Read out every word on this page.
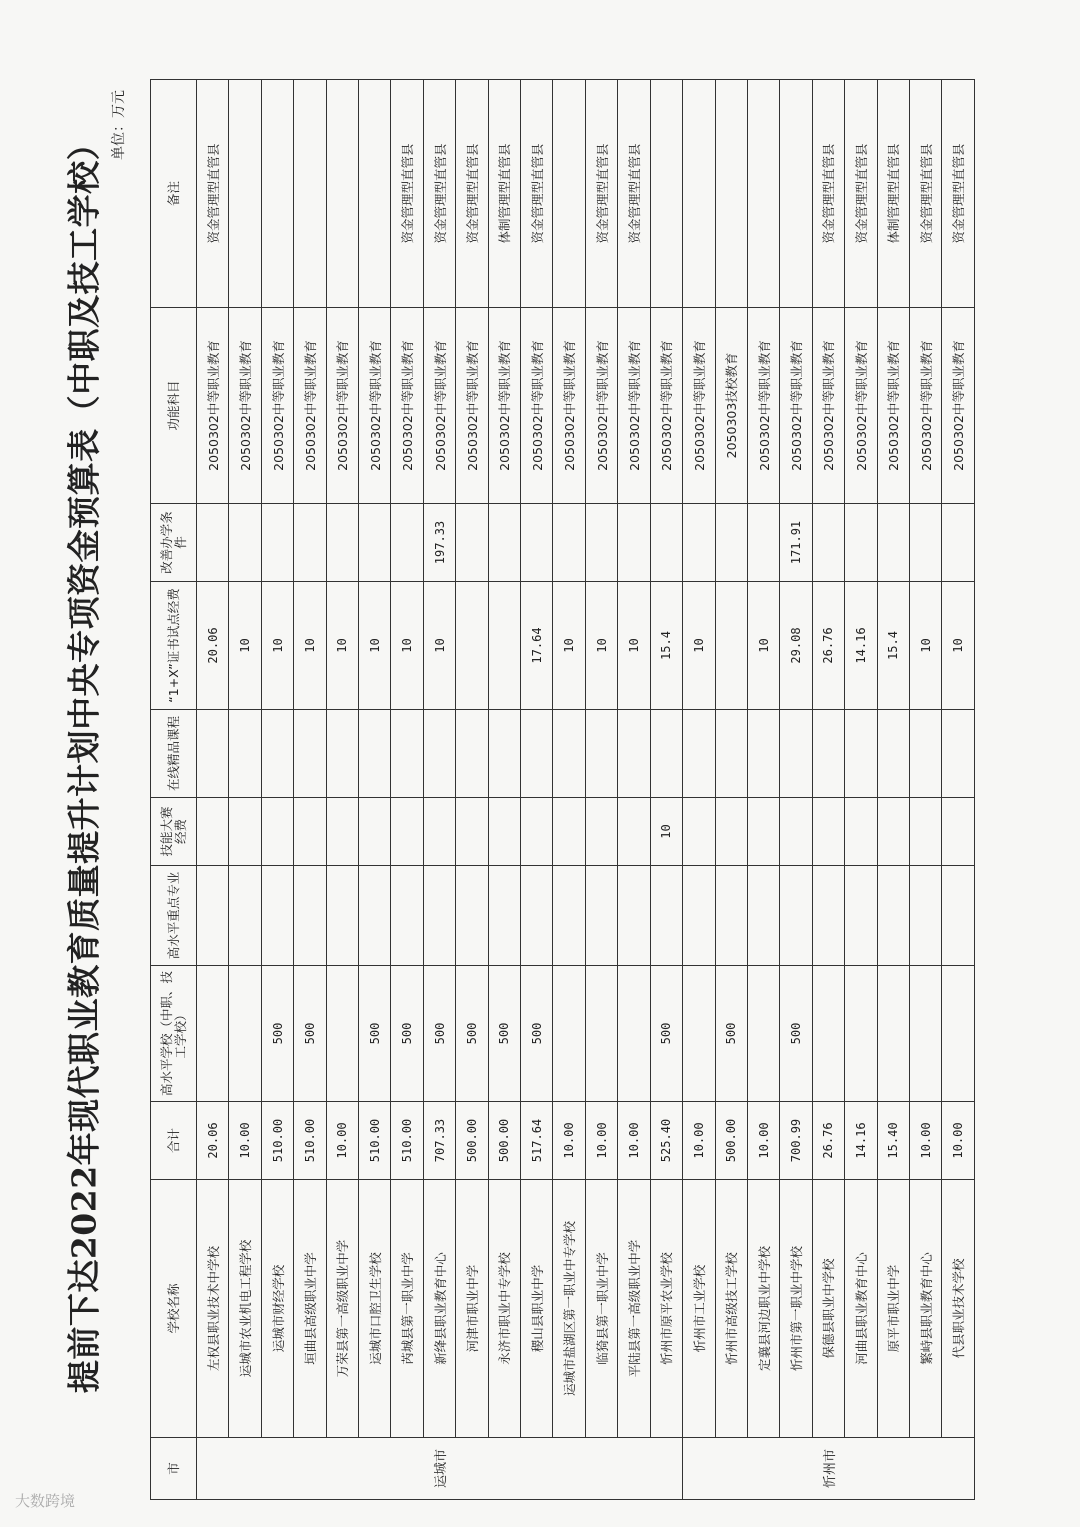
提前下达2022年现代职业教育质量提升计划中央专项资金预算表（中职及技工学校）
单位：万元
市	学校名称	合计	高水平学校（中职、技工学校）	高水平重点专业	技能大赛经费	在线精品课程	“1+X”证书试点经费	改善办学条件	功能科目	备注
运城市	左权县职业技术中学校	20.06					20.06		2050302中等职业教育	资金管理型直管县
	运城市农业机电工程学校	10.00					10		2050302中等职业教育	
	运城市财经学校	510.00	500				10		2050302中等职业教育	
	垣曲县高级职业中学	510.00	500				10		2050302中等职业教育	
	万荣县第一高级职业中学	10.00					10		2050302中等职业教育	
	运城市口腔卫生学校	510.00	500				10		2050302中等职业教育	
	芮城县第一职业中学	510.00	500				10		2050302中等职业教育	资金管理型直管县
	新绛县职业教育中心	707.33	500				10	197.33	2050302中等职业教育	资金管理型直管县
	河津市职业中学	500.00	500						2050302中等职业教育	资金管理型直管县
	永济市职业中专学校	500.00	500						2050302中等职业教育	体制管理型直管县
	稷山县职业中学	517.64	500				17.64		2050302中等职业教育	资金管理型直管县
	运城市盐湖区第一职业中专学校	10.00					10		2050302中等职业教育	
	临猗县第一职业中学	10.00					10		2050302中等职业教育	资金管理型直管县
	平陆县第一高级职业中学	10.00					10		2050302中等职业教育	资金管理型直管县
	忻州市原平农业学校	525.40	500		10		15.4		2050302中等职业教育	
忻州市	忻州市工业学校	10.00					10		2050302中等职业教育	
	忻州市高级技工学校	500.00	500						2050303技校教育	
	定襄县河边职业中学校	10.00					10		2050302中等职业教育	
	忻州市第一职业中学校	700.99	500				29.08	171.91	2050302中等职业教育	
	保德县职业中学校	26.76					26.76		2050302中等职业教育	资金管理型直管县
	河曲县职业教育中心	14.16					14.16		2050302中等职业教育	资金管理型直管县
	原平市职业中学	15.40					15.4		2050302中等职业教育	体制管理型直管县
	繁峙县职业教育中心	10.00					10		2050302中等职业教育	资金管理型直管县
	代县职业技术学校	10.00					10		2050302中等职业教育	资金管理型直管县
大数跨境
